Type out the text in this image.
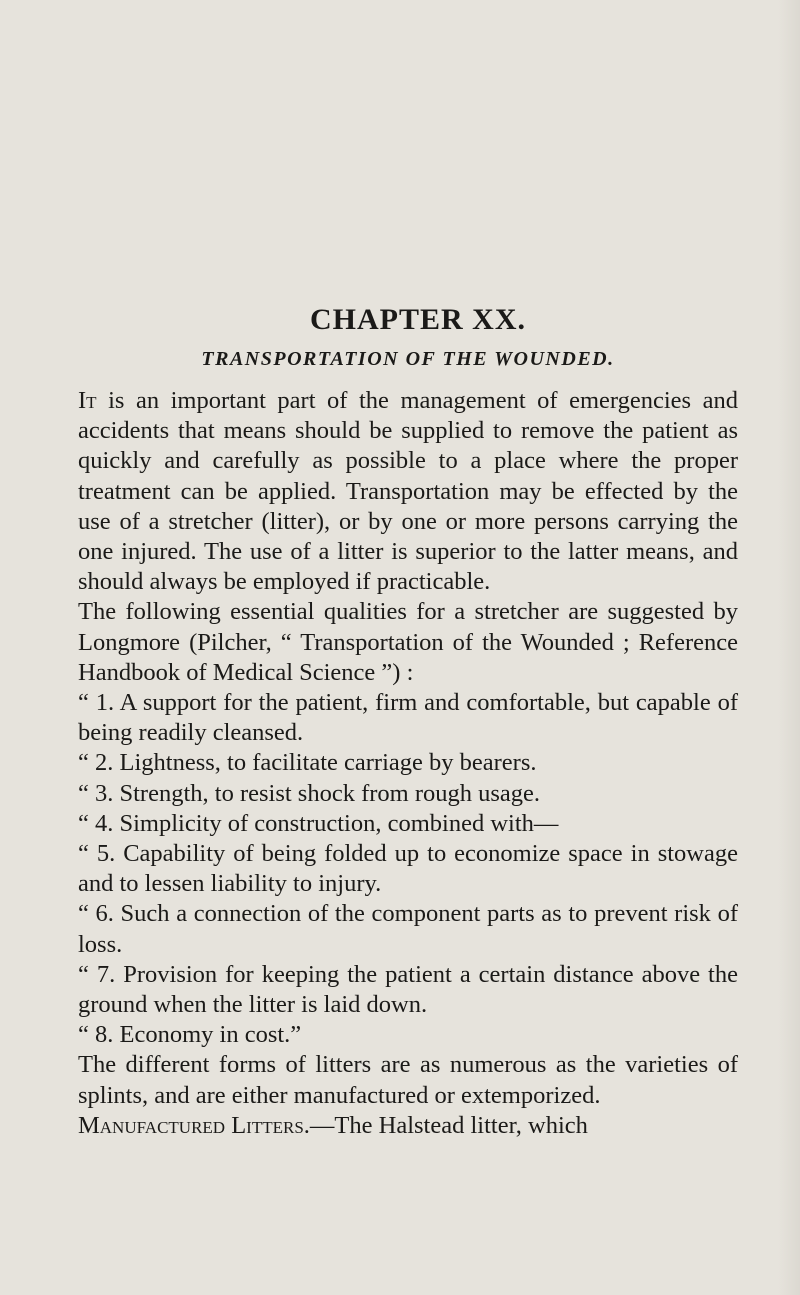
CHAPTER XX.
TRANSPORTATION OF THE WOUNDED.

It is an important part of the management of emergencies and accidents that means should be supplied to remove the patient as quickly and carefully as possible to a place where the proper treatment can be applied. Transportation may be effected by the use of a stretcher (litter), or by one or more persons carrying the one injured. The use of a litter is superior to the latter means, and should always be employed if practicable.

The following essential qualities for a stretcher are suggested by Longmore (Pilcher, “ Transportation of the Wounded ; Reference Handbook of Medical Science ”) :

“ 1. A support for the patient, firm and comfortable, but capable of being readily cleansed.

“ 2. Lightness, to facilitate carriage by bearers.

“ 3. Strength, to resist shock from rough usage.

“ 4. Simplicity of construction, combined with—

“ 5. Capability of being folded up to economize space in stowage and to lessen liability to injury.

“ 6. Such a connection of the component parts as to prevent risk of loss.

“ 7. Provision for keeping the patient a certain distance above the ground when the litter is laid down.

“ 8. Economy in cost.”

The different forms of litters are as numerous as the varieties of splints, and are either manufactured or extemporized.

Manufactured Litters.—The Halstead litter, which
